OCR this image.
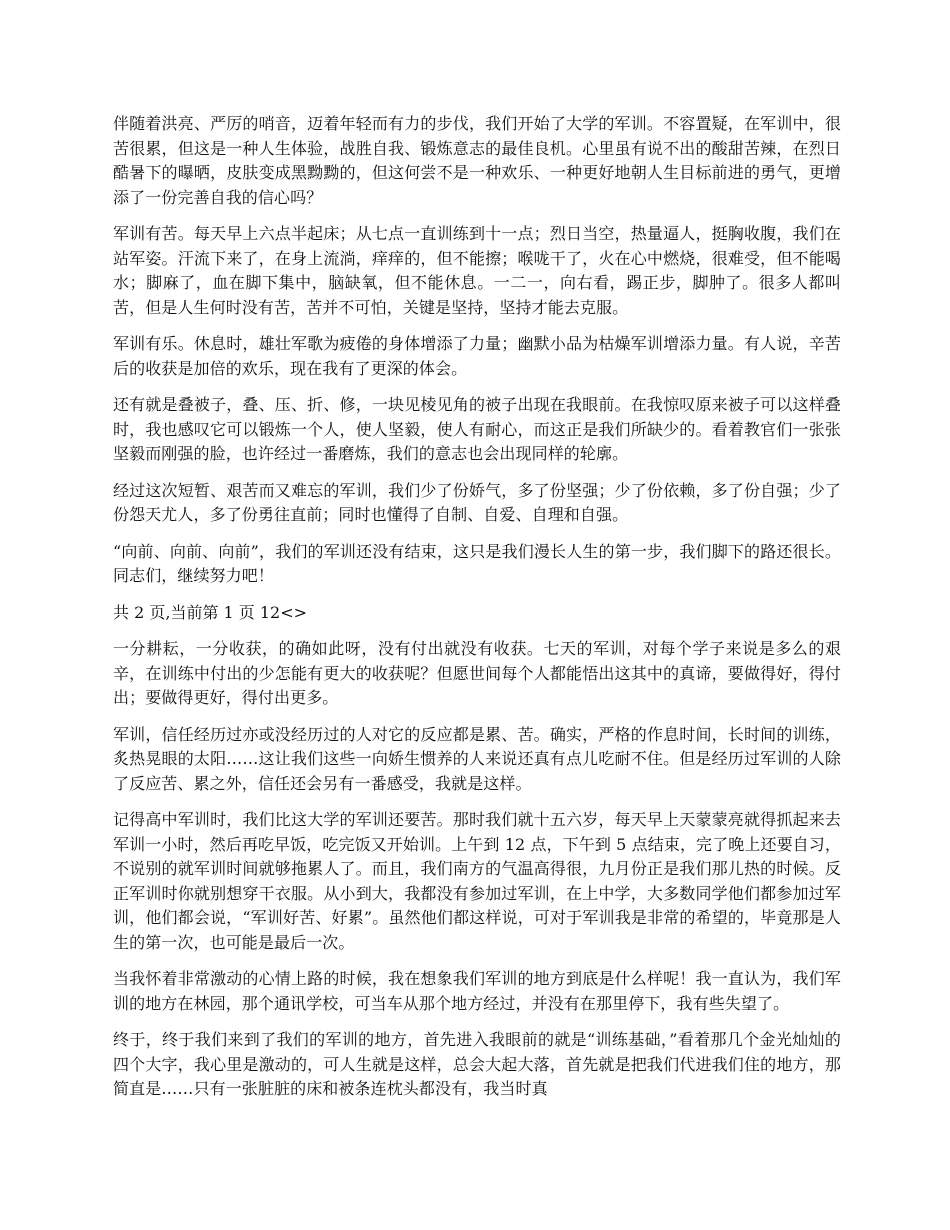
伴随着洪亮、严厉的哨音，迈着年轻而有力的步伐，我们开始了大学的军训。不容置疑，在军训中，很苦很累，但这是一种人生体验，战胜自我、锻炼意志的最佳良机。心里虽有说不出的酸甜苦辣，在烈日酷暑下的曝晒，皮肤变成黑黝黝的，但这何尝不是一种欢乐、一种更好地朝人生目标前进的勇气，更增添了一份完善自我的信心吗？

军训有苦。每天早上六点半起床；从七点一直训练到十一点；烈日当空，热量逼人，挺胸收腹，我们在站军姿。汗流下来了，在身上流淌，痒痒的，但不能擦；喉咙干了，火在心中燃烧，很难受，但不能喝水；脚麻了，血在脚下集中，脑缺氧，但不能休息。一二一，向右看，踢正步，脚肿了。很多人都叫苦，但是人生何时没有苦，苦并不可怕，关键是坚持，坚持才能去克服。

军训有乐。休息时，雄壮军歌为疲倦的身体增添了力量；幽默小品为枯燥军训增添力量。有人说，辛苦后的收获是加倍的欢乐，现在我有了更深的体会。

还有就是叠被子，叠、压、折、修，一块见棱见角的被子出现在我眼前。在我惊叹原来被子可以这样叠时，我也感叹它可以锻炼一个人，使人坚毅，使人有耐心，而这正是我们所缺少的。看着教官们一张张坚毅而刚强的脸，也许经过一番磨炼，我们的意志也会出现同样的轮廓。

经过这次短暂、艰苦而又难忘的军训，我们少了份娇气，多了份坚强；少了份依赖，多了份自强；少了份怨天尤人，多了份勇往直前；同时也懂得了自制、自爱、自理和自强。

“向前、向前、向前”，我们的军训还没有结束，这只是我们漫长人生的第一步，我们脚下的路还很长。同志们，继续努力吧！

共 2 页,当前第 1 页 12<>

一分耕耘，一分收获，的确如此呀，没有付出就没有收获。七天的军训，对每个学子来说是多么的艰辛，在训练中付出的少怎能有更大的收获呢？但愿世间每个人都能悟出这其中的真谛，要做得好，得付出；要做得更好，得付出更多。

军训，信任经历过亦或没经历过的人对它的反应都是累、苦。确实，严格的作息时间，长时间的训练，炙热晃眼的太阳……这让我们这些一向娇生惯养的人来说还真有点儿吃耐不住。但是经历过军训的人除了反应苦、累之外，信任还会另有一番感受，我就是这样。

记得高中军训时，我们比这大学的军训还要苦。那时我们就十五六岁，每天早上天蒙蒙亮就得抓起来去军训一小时，然后再吃早饭，吃完饭又开始训。上午到 12 点，下午到 5 点结束，完了晚上还要自习，不说别的就军训时间就够拖累人了。而且，我们南方的气温高得很，九月份正是我们那儿热的时候。反正军训时你就别想穿干衣服。从小到大，我都没有参加过军训，在上中学，大多数同学他们都参加过军训，他们都会说，“军训好苦、好累”。虽然他们都这样说，可对于军训我是非常的希望的，毕竟那是人生的第一次，也可能是最后一次。

当我怀着非常激动的心情上路的时候，我在想象我们军训的地方到底是什么样呢！我一直认为，我们军训的地方在林园，那个通讯学校，可当车从那个地方经过，并没有在那里停下，我有些失望了。

终于，终于我们来到了我们的军训的地方，首先进入我眼前的就是“训练基础，”看着那几个金光灿灿的四个大字，我心里是激动的，可人生就是这样，总会大起大落，首先就是把我们代进我们住的地方，那简直是……只有一张脏脏的床和被条连枕头都没有，我当时真
